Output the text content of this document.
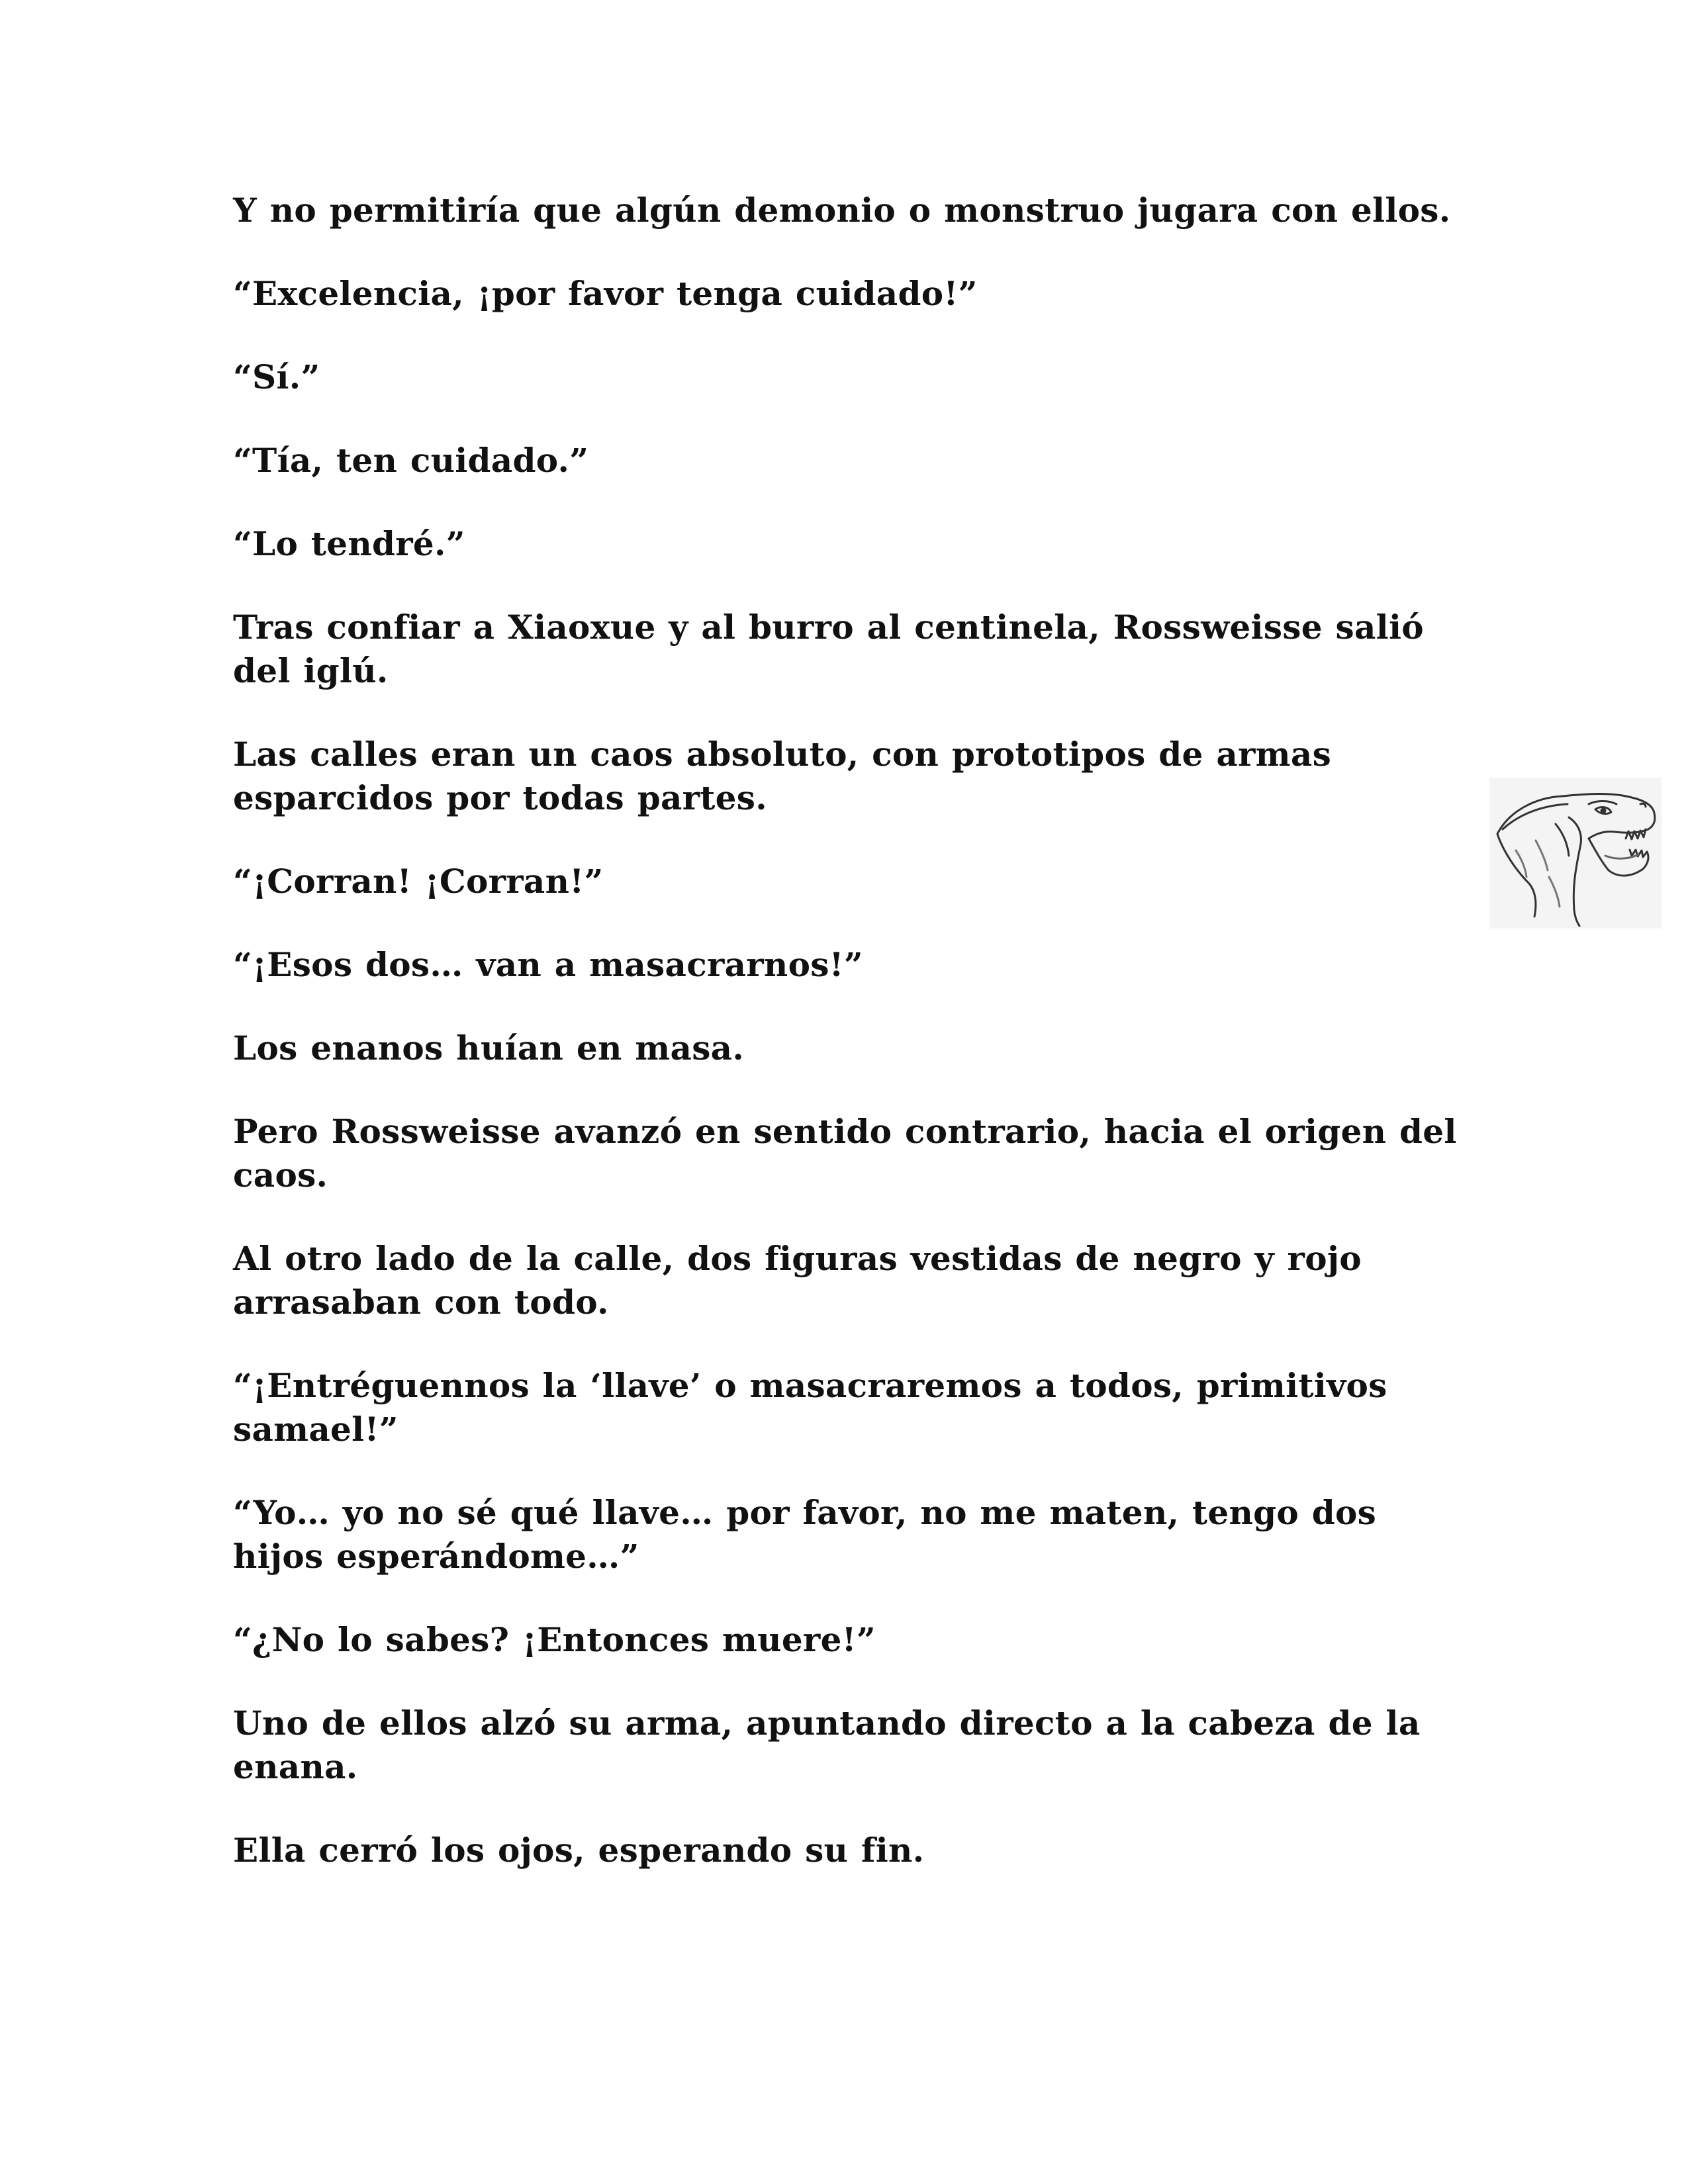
Y no permitiría que algún demonio o monstruo jugara con ellos.

“Excelencia, ¡por favor tenga cuidado!”

“Sí.”

“Tía, ten cuidado.”

“Lo tendré.”

Tras confiar a Xiaoxue y al burro al centinela, Rossweisse salió del iglú.

Las calles eran un caos absoluto, con prototipos de armas esparcidos por todas partes.

“¡Corran! ¡Corran!”

“¡Esos dos… van a masacrarnos!”

Los enanos huían en masa.

Pero Rossweisse avanzó en sentido contrario, hacia el origen del caos.

Al otro lado de la calle, dos figuras vestidas de negro y rojo arrasaban con todo.

“¡Entréguennos la ‘llave’ o masacraremos a todos, primitivos samael!”

“Yo… yo no sé qué llave… por favor, no me maten, tengo dos hijos esperándome…”

“¿No lo sabes? ¡Entonces muere!”

Uno de ellos alzó su arma, apuntando directo a la cabeza de la enana.

Ella cerró los ojos, esperando su fin.
